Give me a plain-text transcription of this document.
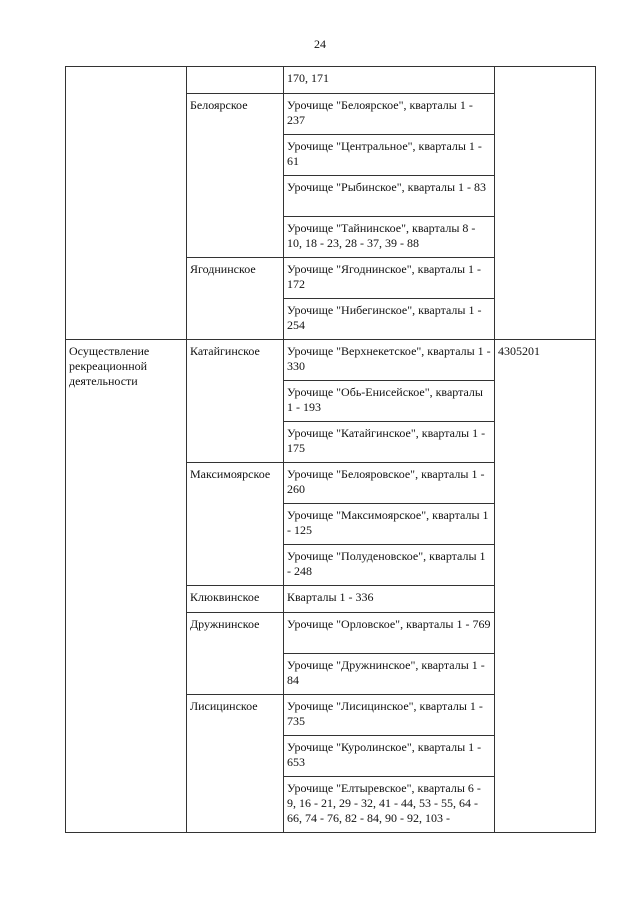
24
		170, 171	
	Белоярское	Урочище "Белоярское", кварталы 1 - 237	
		Урочище "Центральное", кварталы 1 - 61	
		Урочище "Рыбинское", кварталы 1 - 83	
		Урочище "Тайнинское", кварталы 8 - 10, 18 - 23, 28 - 37, 39 - 88	
	Ягоднинское	Урочище "Ягоднинское", кварталы 1 - 172	
		Урочище "Нибегинское", кварталы 1 - 254	
Осуществление рекреационной деятельности	Катайгинское	Урочище "Верхнекетское", кварталы 1 - 330	4305201
		Урочище "Обь-Енисейское", кварталы 1 - 193	
		Урочище "Катайгинское", кварталы 1 - 175	
	Максимоярское	Урочище "Белояровское", кварталы 1 - 260	
		Урочище "Максимоярское", кварталы 1 - 125	
		Урочище "Полуденовское", кварталы 1 - 248	
	Клюквинское	Кварталы 1 - 336	
	Дружнинское	Урочище "Орловское", кварталы 1 - 769	
		Урочище "Дружнинское", кварталы 1 - 84	
	Лисицинское	Урочище "Лисицинское", кварталы 1 - 735	
		Урочище "Куролинское", кварталы 1 - 653	
		Урочище "Елтыревское", кварталы 6 - 9, 16 - 21, 29 - 32, 41 - 44, 53 - 55, 64 - 66, 74 - 76, 82 - 84, 90 - 92, 103 -	
